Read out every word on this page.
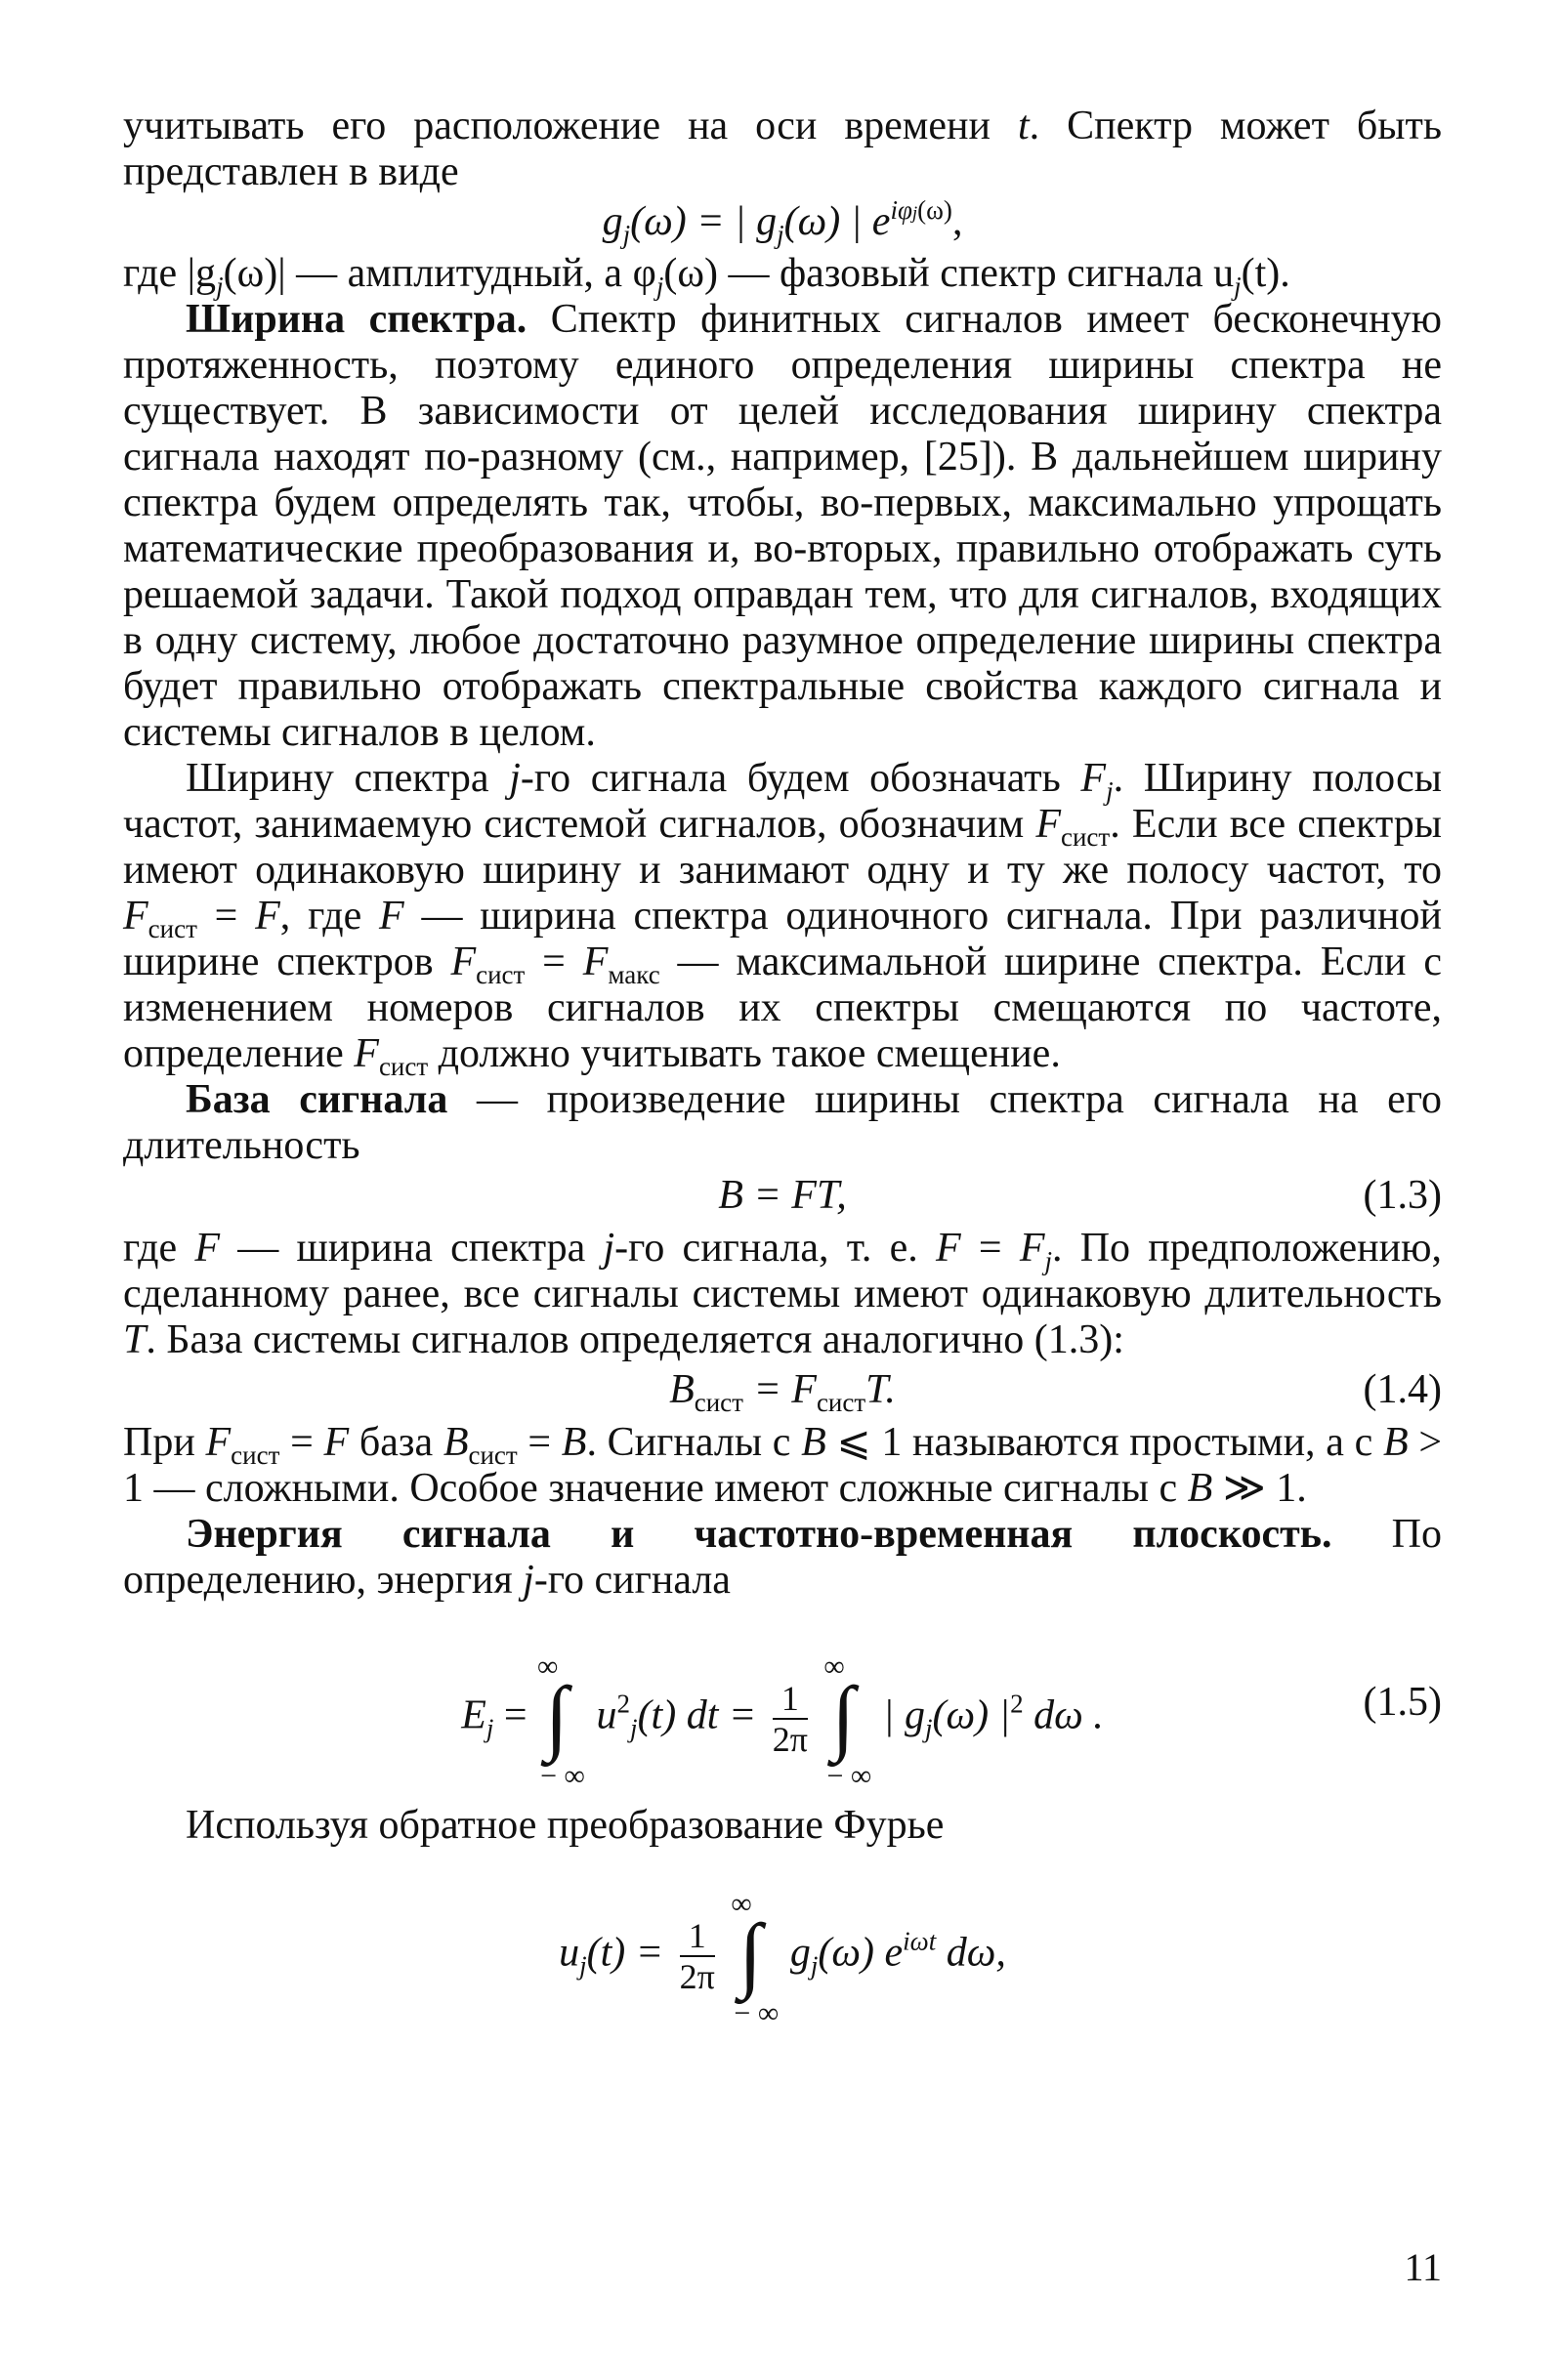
учитывать его расположение на оси времени t. Спектр может быть представлен в виде

$g_j(\omega)$ = | $g_j(\omega)$ | $e^{i\varphi j(\omega)}$,

где $|g_j(\omega)|$ — амплитудный, а $\varphi_j(\omega)$ — фазовый спектр сигнала $u_j(t)$.

Ширина спектра. Спектр финитных сигналов имеет бесконечную протяженность, поэтому единого определения ширины спектра не существует. В зависимости от целей исследования ширину спектра сигнала находят по-разному (см., например, [25]). В дальнейшем ширину спектра будем определять так, чтобы, во-первых, максимально упрощать математические преобразования и, во-вторых, правильно отображать суть решаемой задачи. Такой подход оправдан тем, что для сигналов, входящих в одну систему, любое достаточно разумное определение ширины спектра будет правильно отображать спектральные свойства каждого сигнала и системы сигналов в целом.

Ширину спектра j-го сигнала будем обозначать $F_j$. Ширину полосы частот, занимаемую системой сигналов, обозначим $F_{сист}$. Если все спектры имеют одинаковую ширину и занимают одну и ту же полосу частот, то $F_{сист} = F$, где F — ширина спектра одиночного сигнала. При различной ширине спектров $F_{сист} = F_{макс}$ — максимальной ширине спектра. Если с изменением номеров сигналов их спектры смещаются по частоте, определение $F_{сист}$ должно учитывать такое смещение.

База сигнала — произведение ширины спектра сигнала на его длительность

B = FT,	(1.3)

где F — ширина спектра j-го сигнала, т. е. $F = F_j$. По предположению, сделанному ранее, все сигналы системы имеют одинаковую длительность T. База системы сигналов определяется аналогично (1.3):

$B_{сист} = F_{сист}T$.	(1.4)

При $F_{сист} = F$ база $B_{сист} = B$. Сигналы с B ⩽ 1 называются простыми, а с B > 1 — сложными. Особое значение имеют сложные сигналы с B ≫ 1.

Энергия сигнала и частотно-временная плоскость. По определению, энергия j-го сигнала

$E_j$ =
∞
∫
− ∞
$u^2_j(t)$ dt = $\frac{1}{2\pi}$

∞
∫
− ∞
| $g_j(\omega)$ $|^2$ dω .	(1.5)

Используя обратное преобразование Фурье

$u_j(t) = \frac{1}{2\pi}$

∞
∫
− ∞
$g_j(\omega)$ $e^{i\omega t}$ dω,
11
